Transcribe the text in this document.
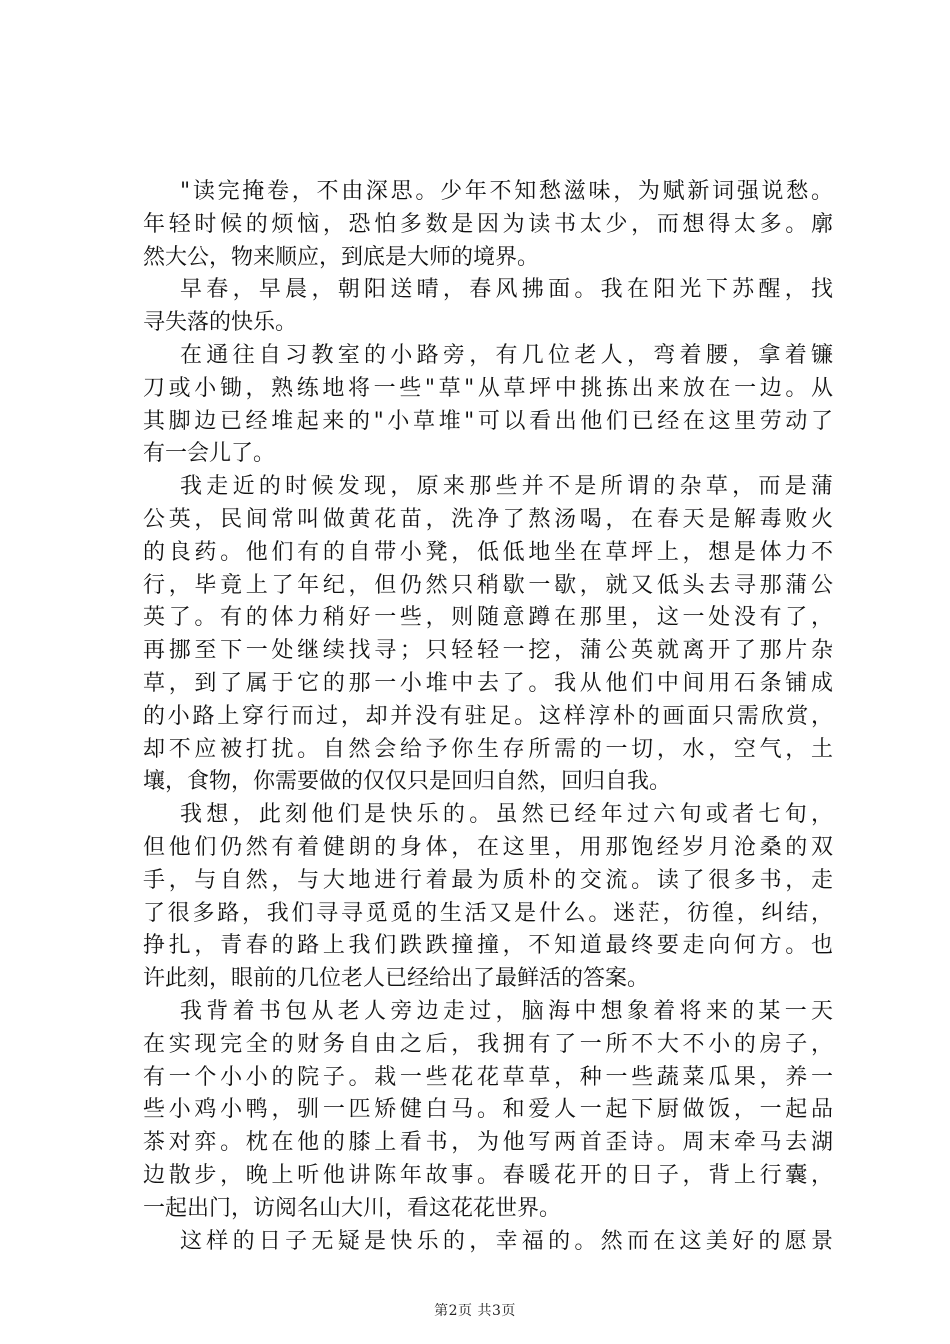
"读完掩卷，不由深思。少年不知愁滋味，为赋新词强说愁。
年轻时候的烦恼，恐怕多数是因为读书太少，而想得太多。廓
然大公，物来顺应，到底是大师的境界。
早春，早晨，朝阳送晴，春风拂面。我在阳光下苏醒，找
寻失落的快乐。
在通往自习教室的小路旁，有几位老人，弯着腰，拿着镰
刀或小锄，熟练地将一些"草"从草坪中挑拣出来放在一边。从
其脚边已经堆起来的"小草堆"可以看出他们已经在这里劳动了
有一会儿了。
我走近的时候发现，原来那些并不是所谓的杂草，而是蒲
公英，民间常叫做黄花苗，洗净了熬汤喝，在春天是解毒败火
的良药。他们有的自带小凳，低低地坐在草坪上，想是体力不
行，毕竟上了年纪，但仍然只稍歇一歇，就又低头去寻那蒲公
英了。有的体力稍好一些，则随意蹲在那里，这一处没有了，
再挪至下一处继续找寻；只轻轻一挖，蒲公英就离开了那片杂
草，到了属于它的那一小堆中去了。我从他们中间用石条铺成
的小路上穿行而过，却并没有驻足。这样淳朴的画面只需欣赏，
却不应被打扰。自然会给予你生存所需的一切，水，空气，土
壤，食物，你需要做的仅仅只是回归自然，回归自我。
我想，此刻他们是快乐的。虽然已经年过六旬或者七旬，
但他们仍然有着健朗的身体，在这里，用那饱经岁月沧桑的双
手，与自然，与大地进行着最为质朴的交流。读了很多书，走
了很多路，我们寻寻觅觅的生活又是什么。迷茫，彷徨，纠结，
挣扎，青春的路上我们跌跌撞撞，不知道最终要走向何方。也
许此刻，眼前的几位老人已经给出了最鲜活的答案。
我背着书包从老人旁边走过，脑海中想象着将来的某一天
在实现完全的财务自由之后，我拥有了一所不大不小的房子，
有一个小小的院子。栽一些花花草草，种一些蔬菜瓜果，养一
些小鸡小鸭，驯一匹矫健白马。和爱人一起下厨做饭，一起品
茶对弈。枕在他的膝上看书，为他写两首歪诗。周末牵马去湖
边散步，晚上听他讲陈年故事。春暖花开的日子，背上行囊，
一起出门，访阅名山大川，看这花花世界。
这样的日子无疑是快乐的，幸福的。然而在这美好的愿景
第2页 共3页
